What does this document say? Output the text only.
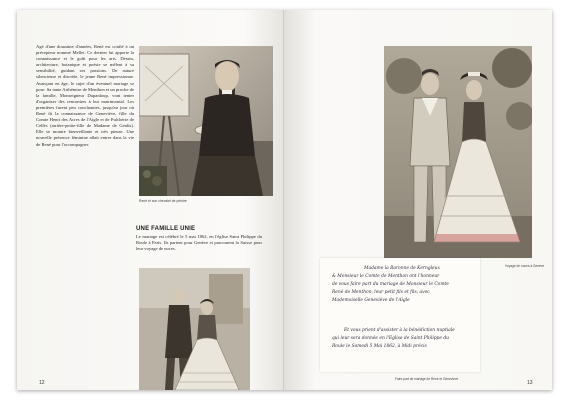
Agé d'une douzaine d'années, René est confié à un précepteur nommé Mellet. Ce dernier lui apporte la connaissance et le goût pour les arts. Dessin, architecture, botanique et poésie se mêlent à sa sensibilité, guidant ses passions. De nature silencieuse et discrète, le jeune René impressionne. Avançant en âge, le sujet d'un éventuel mariage se pose. Sa tante Arthémise de Menthon et un proche de la famille, Monseigneur Dupanloup, vont tenter d'organiser des rencontres à but matrimonial. Les premières furent peu concluantes, jusqu'au jour où René fit la connaissance de Geneviève, fille du Comte Henri des Acres de l'Aigle et de Pulchérie de Cellès (arrière-petite-fille de Madame de Genlis). Elle se montre bienveillante et très pieuse. Une nouvelle présence féminine allait entrer dans la vie de René pour l'accompagner.

René et son chevalet de peintre
UNE FAMILLE UNIE

Le mariage est célébré le 5 mai 1862, en l'église Saint Philippe du Roule à Paris. Ils partent pour Genève et parcourent la Suisse pour leur voyage de noces.

12
Voyage de noces à Genève
Madame la Baronne de Kerngleux
& Monsieur le Comte de Menthon ont l'honneur
de vous faire part du mariage de Monsieur le Comte
René de Menthon, leur petit fils et fils, avec
Mademoiselle Geneviève de l'Aigle
Et vous prient d'assister à la bénédiction nuptiale
qui leur sera donnée en l'Eglise de Saint Philippe du
Roule le Samedi 5 Mai 1862, à Midi précis
Faire-part de mariage de René et Geneviève
13
